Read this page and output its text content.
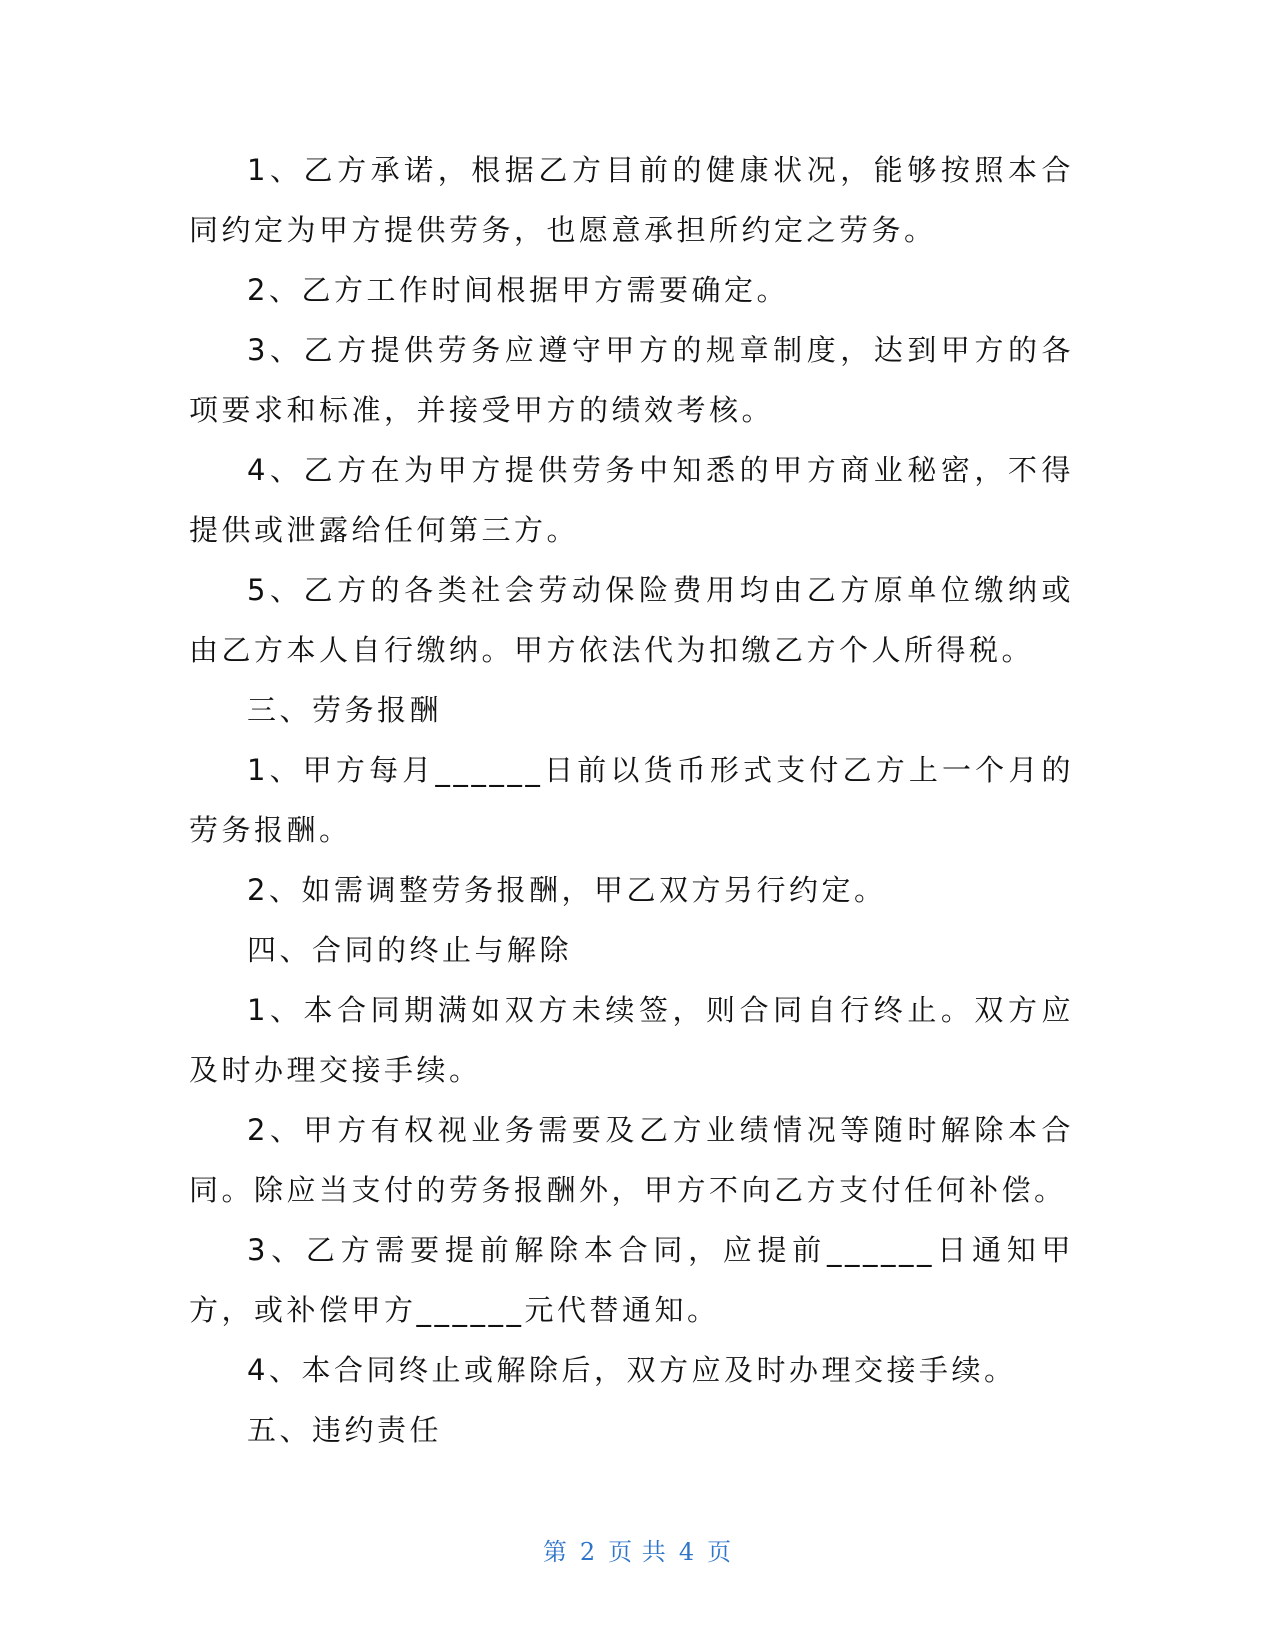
1、乙方承诺，根据乙方目前的健康状况，能够按照本合同约定为甲方提供劳务，也愿意承担所约定之劳务。

2、乙方工作时间根据甲方需要确定。

3、乙方提供劳务应遵守甲方的规章制度，达到甲方的各项要求和标准，并接受甲方的绩效考核。

4、乙方在为甲方提供劳务中知悉的甲方商业秘密，不得提供或泄露给任何第三方。

5、乙方的各类社会劳动保险费用均由乙方原单位缴纳或由乙方本人自行缴纳。甲方依法代为扣缴乙方个人所得税。

三、劳务报酬

1、甲方每月______日前以货币形式支付乙方上一个月的劳务报酬。

2、如需调整劳务报酬，甲乙双方另行约定。

四、合同的终止与解除

1、本合同期满如双方未续签，则合同自行终止。双方应及时办理交接手续。

2、甲方有权视业务需要及乙方业绩情况等随时解除本合同。除应当支付的劳务报酬外，甲方不向乙方支付任何补偿。

3、乙方需要提前解除本合同，应提前______日通知甲方，或补偿甲方______元代替通知。

4、本合同终止或解除后，双方应及时办理交接手续。

五、违约责任

第 2 页 共 4 页
